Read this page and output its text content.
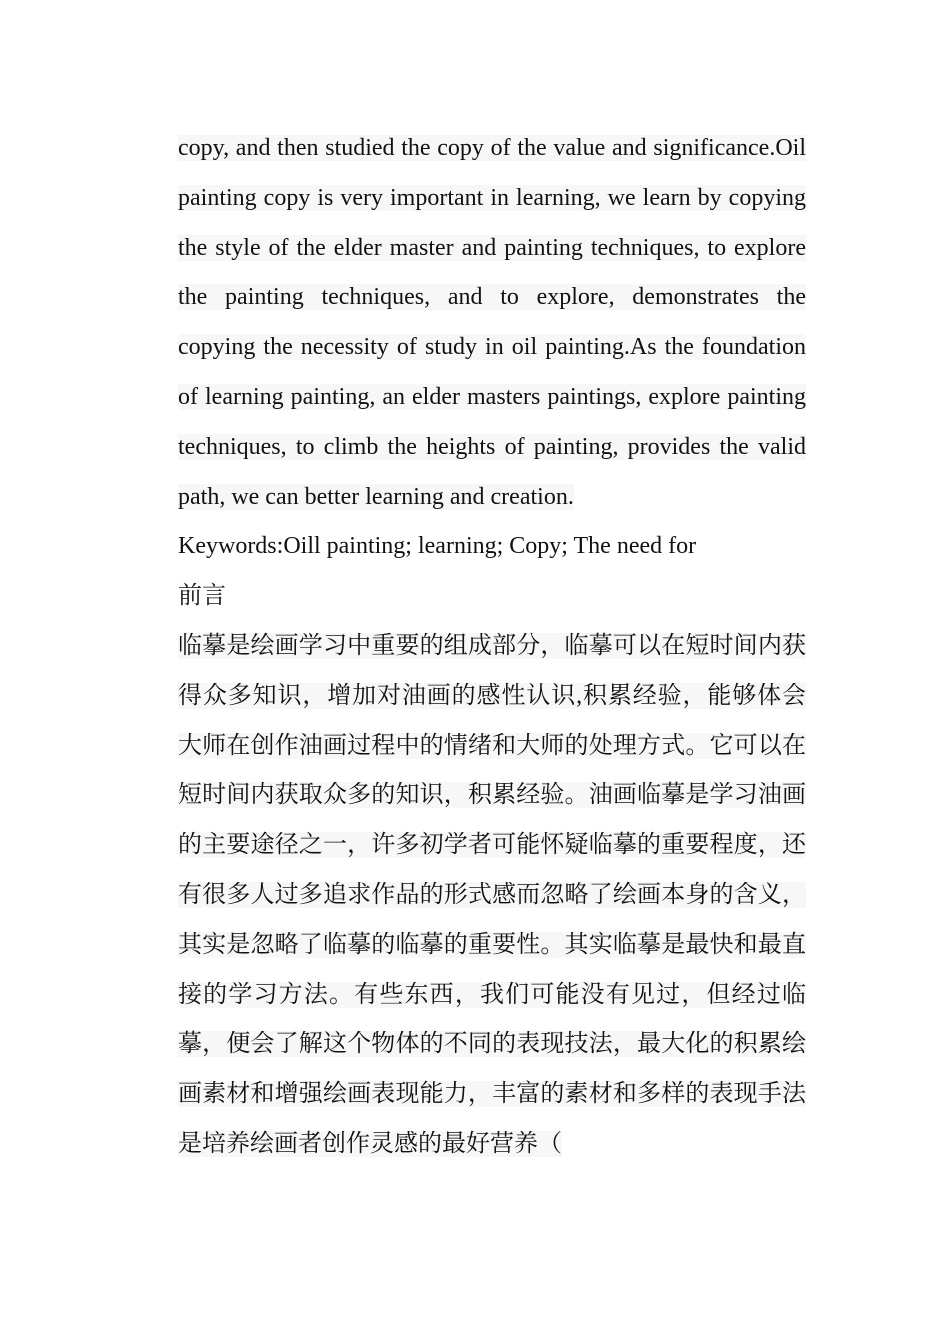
copy, and then studied the copy of the value and significance.Oil painting copy is very important in learning, we learn by copying the style of the elder master and painting techniques, to explore the painting techniques, and to explore, demonstrates the copying the necessity of study in oil painting.As the foundation of learning painting, an elder masters paintings, explore painting techniques, to climb the heights of painting, provides the valid path, we can better learning and creation.

Keywords:Oill painting; learning; Copy; The need for

前言

临摹是绘画学习中重要的组成部分，临摹可以在短时间内获得众多知识，增加对油画的感性认识,积累经验，能够体会大师在创作油画过程中的情绪和大师的处理方式。它可以在短时间内获取众多的知识，积累经验。油画临摹是学习油画的主要途径之一，许多初学者可能怀疑临摹的重要程度，还有很多人过多追求作品的形式感而忽略了绘画本身的含义，其实是忽略了临摹的临摹的重要性。其实临摹是最快和最直接的学习方法。有些东西，我们可能没有见过，但经过临摹，便会了解这个物体的不同的表现技法，最大化的积累绘画素材和增强绘画表现能力，丰富的素材和多样的表现手法是培养绘画者创作灵感的最好营养（
